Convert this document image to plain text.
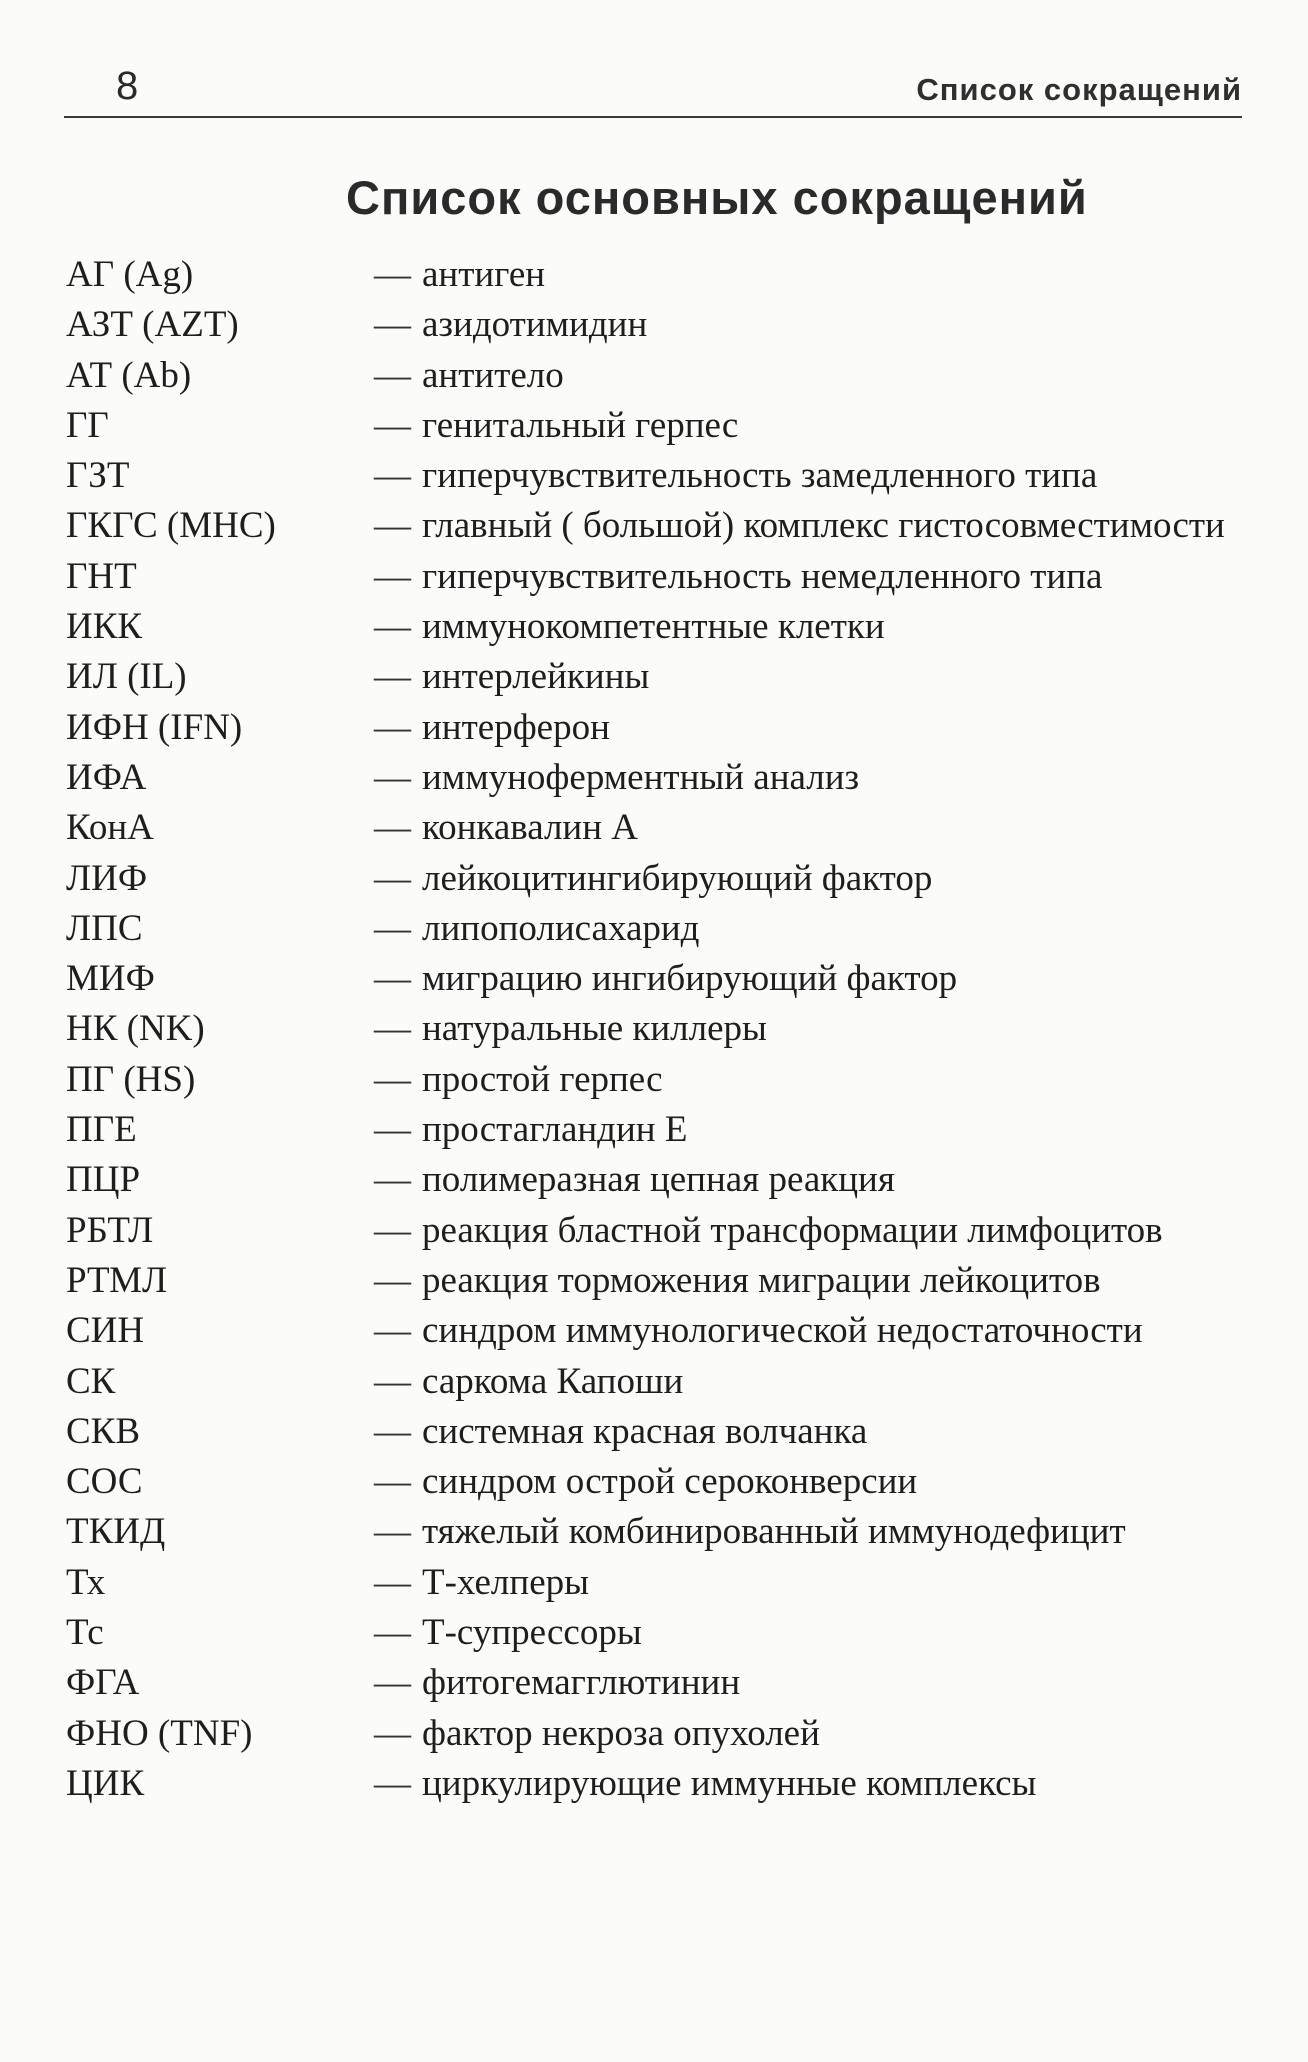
8	Список сокращений
Список основных сокращений
АГ (Ag)	— антиген
АЗТ (AZT)	— азидотимидин
АТ (Ab)	— антитело
ГГ	— генитальный герпес
ГЗТ	— гиперчувствительность замедленного типа
ГКГС (МНС)	— главный ( большой) комплекс гистосовместимости
ГНТ	— гиперчувствительность немедленного типа
ИКК	— иммунокомпетентные клетки
ИЛ (IL)	— интерлейкины
ИФН (IFN)	— интерферон
ИФА	— иммуноферментный анализ
КонА	— конкавалин А
ЛИФ	— лейкоцитингибирующий фактор
ЛПС	— липополисахарид
МИФ	— миграцию ингибирующий фактор
НК (NK)	— натуральные киллеры
ПГ (HS)	— простой герпес
ПГЕ	— простагландин Е
ПЦР	— полимеразная цепная реакция
РБТЛ	— реакция бластной трансформации лимфоцитов
РТМЛ	— реакция торможения миграции лейкоцитов
СИН	— синдром иммунологической недостаточности
СК	— саркома Капоши
СКВ	— системная красная волчанка
СОС	— синдром острой сероконверсии
ТКИД	— тяжелый комбинированный иммунодефицит
Тх	— Т-хелперы
Тс	— Т-супрессоры
ФГА	— фитогемагглютинин
ФНО (TNF)	— фактор некроза опухолей
ЦИК	— циркулирующие иммунные комплексы
